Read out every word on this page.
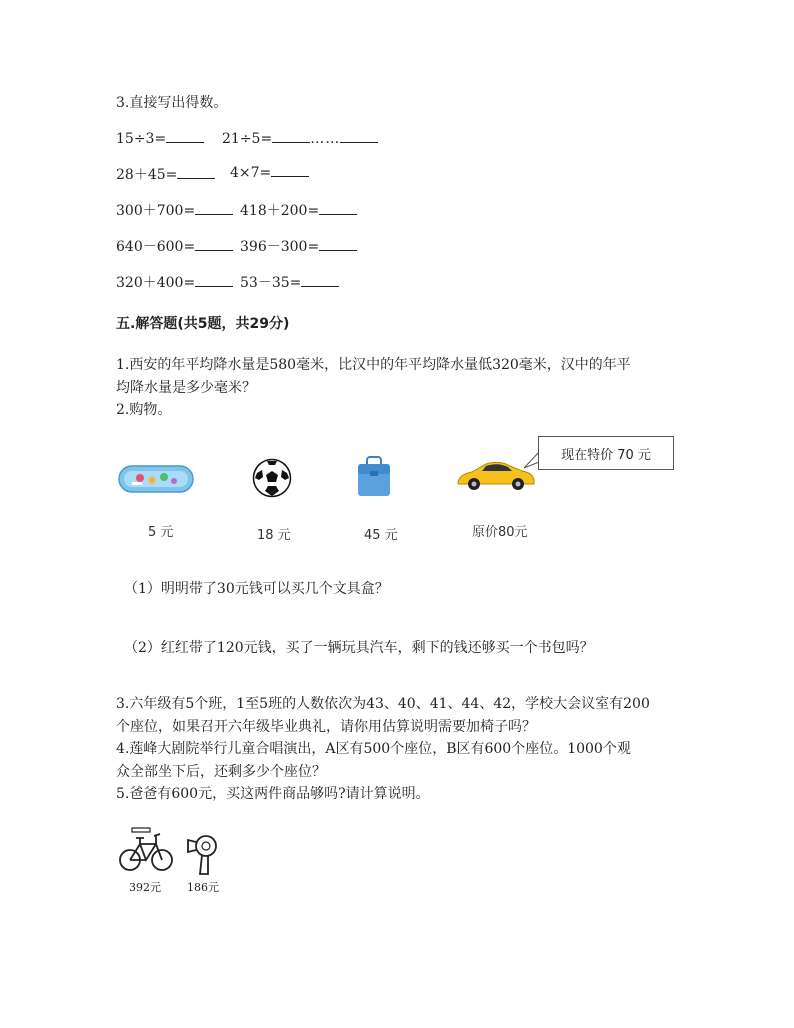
3.直接写出得数。
15÷3=	21÷5=	……
28＋45=	4×7=
300＋700=	418＋200=
640－600=	396－300=
320＋400=	53－35=
五.解答题(共5题，共29分)
1.西安的年平均降水量是580毫米，比汉中的年平均降水量低320毫米，汉中的年平
均降水量是多少毫米？
2.购物。
5 元	18 元	45 元	原价80元
现在特价 70 元
（1）明明带了30元钱可以买几个文具盒？
（2）红红带了120元钱，买了一辆玩具汽车，剩下的钱还够买一个书包吗？
3.六年级有5个班，1至5班的人数依次为43、40、41、44、42，学校大会议室有200
个座位，如果召开六年级毕业典礼，请你用估算说明需要加椅子吗？
4.莲峰大剧院举行儿童合唱演出，A区有500个座位，B区有600个座位。1000个观
众全部坐下后，还剩多少个座位？
5.爸爸有600元，买这两件商品够吗?请计算说明。
392元 186元
